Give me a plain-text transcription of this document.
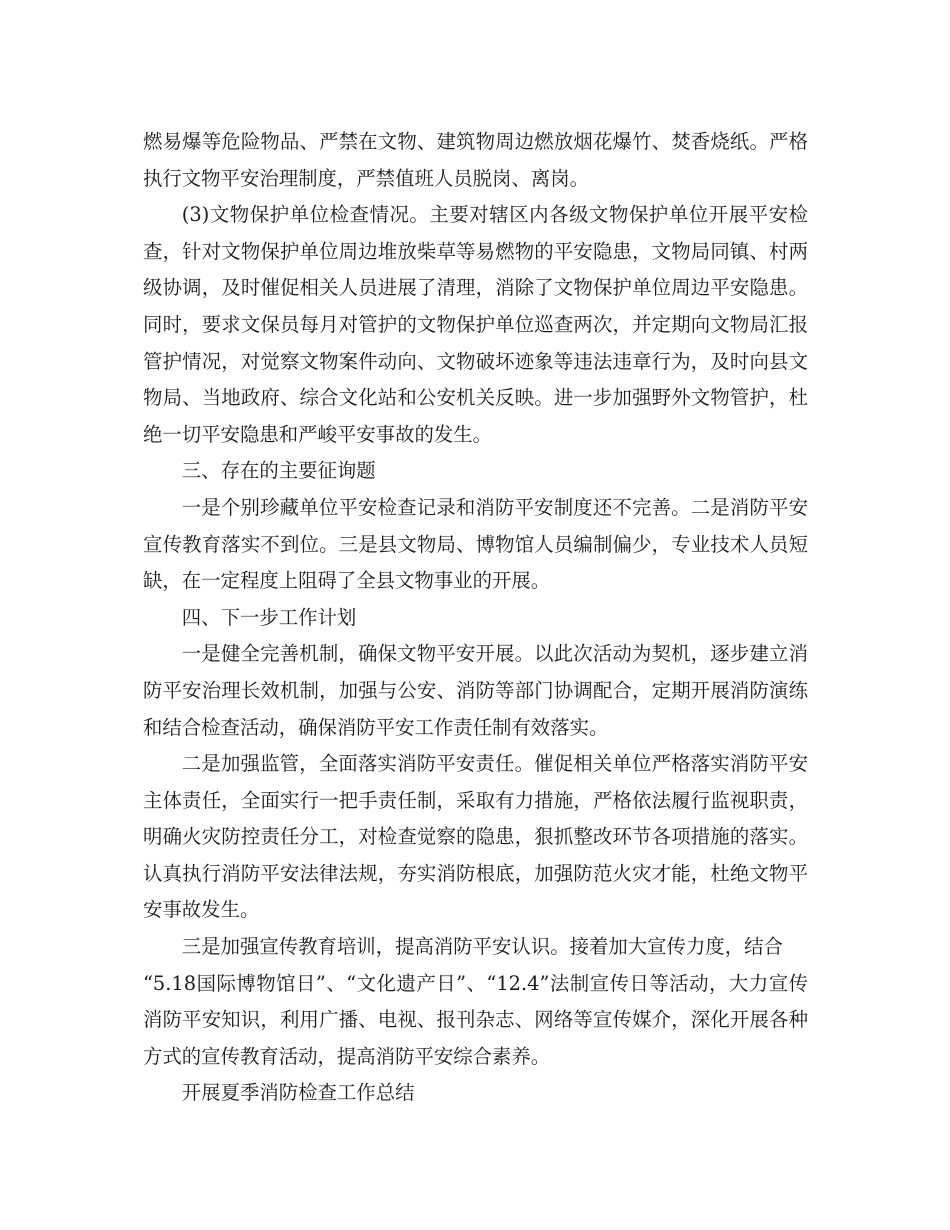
燃易爆等危险物品、严禁在文物、建筑物周边燃放烟花爆竹、焚香烧纸。严格执行文物平安治理制度，严禁值班人员脱岗、离岗。

(3)文物保护单位检查情况。主要对辖区内各级文物保护单位开展平安检查，针对文物保护单位周边堆放柴草等易燃物的平安隐患，文物局同镇、村两级协调，及时催促相关人员进展了清理，消除了文物保护单位周边平安隐患。同时，要求文保员每月对管护的文物保护单位巡查两次，并定期向文物局汇报管护情况，对觉察文物案件动向、文物破坏迹象等违法违章行为，及时向县文物局、当地政府、综合文化站和公安机关反映。进一步加强野外文物管护，杜绝一切平安隐患和严峻平安事故的发生。

三、存在的主要征询题

一是个别珍藏单位平安检查记录和消防平安制度还不完善。二是消防平安宣传教育落实不到位。三是县文物局、博物馆人员编制偏少，专业技术人员短缺，在一定程度上阻碍了全县文物事业的开展。

四、下一步工作计划

一是健全完善机制，确保文物平安开展。以此次活动为契机，逐步建立消防平安治理长效机制，加强与公安、消防等部门协调配合，定期开展消防演练和结合检查活动，确保消防平安工作责任制有效落实。

二是加强监管，全面落实消防平安责任。催促相关单位严格落实消防平安主体责任，全面实行一把手责任制，采取有力措施，严格依法履行监视职责，明确火灾防控责任分工，对检查觉察的隐患，狠抓整改环节各项措施的落实。认真执行消防平安法律法规，夯实消防根底，加强防范火灾才能，杜绝文物平安事故发生。

三是加强宣传教育培训，提高消防平安认识。接着加大宣传力度，结合

“5.18国际博物馆日”、“文化遗产日”、“12.4”法制宣传日等活动，大力宣传消防平安知识，利用广播、电视、报刊杂志、网络等宣传媒介，深化开展各种方式的宣传教育活动，提高消防平安综合素养。

开展夏季消防检查工作总结
